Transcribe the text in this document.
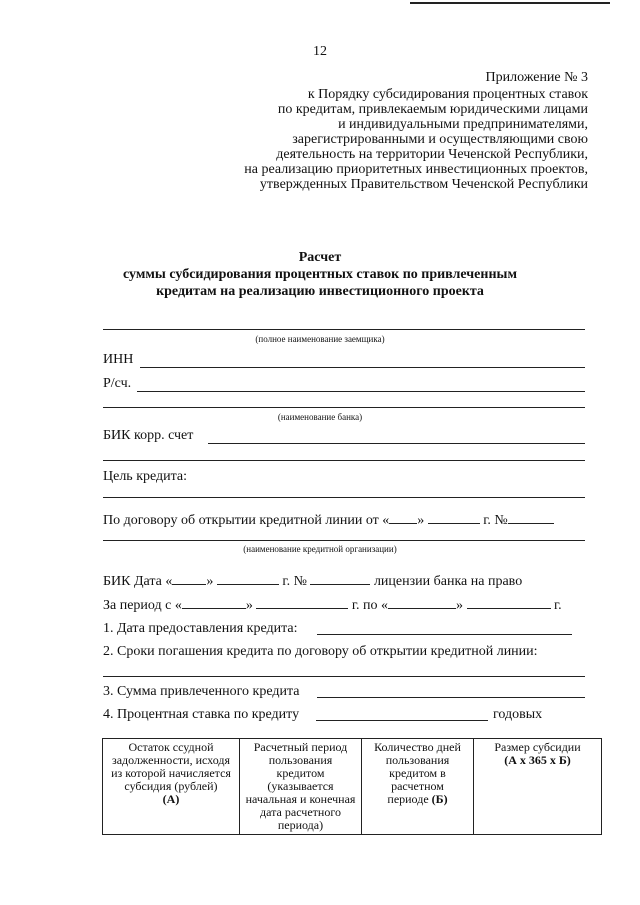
12
Приложение № 3
к Порядку субсидирования процентных ставок
по кредитам, привлекаемым юридическими лицами
и индивидуальными предпринимателями,
зарегистрированными и осуществляющими свою
деятельность на территории Чеченской Республики,
на реализацию приоритетных инвестиционных проектов,
утвержденных Правительством Чеченской Республики
Расчет
суммы субсидирования процентных ставок по привлеченным
кредитам на реализацию инвестиционного проекта
(полное наименование заемщика)
ИНН
Р/сч.
(наименование банка)
БИК корр. счет
Цель кредита:
По договору об открытии кредитной линии от « »	г. №
(наименование кредитной организации)
БИК Дата « »	г. №	лицензии банка на право
За период с «	»	г. по «	»	г.
1. Дата предоставления кредита:
2. Сроки погашения кредита по договору об открытии кредитной линии:
3. Сумма привлеченного кредита
4. Процентная ставка по кредиту	годовых
Остаток ссудной
задолженности, исходя
из которой начисляется
субсидия (рублей)
(А)

Расчетный период
пользования
кредитом
(указывается
начальная и конечная
дата расчетного
периода)

Количество дней
пользования
кредитом в
расчетном
периоде (Б)

Размер субсидии
(А х 365 х Б)
